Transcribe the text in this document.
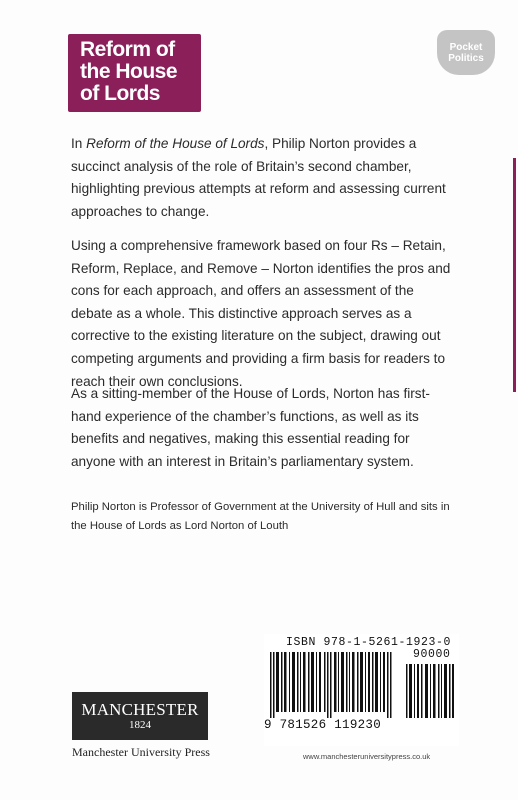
Reform of
the House
of Lords
Pocket
Politics

In Reform of the House of Lords, Philip Norton provides a succinct analysis of the role of Britain’s second chamber, highlighting previous attempts at reform and assessing current approaches to change.

Using a comprehensive framework based on four Rs – Retain, Reform, Replace, and Remove – Norton identifies the pros and cons for each approach, and offers an assessment of the debate as a whole. This distinctive approach serves as a corrective to the existing literature on the subject, drawing out competing arguments and providing a firm basis for readers to reach their own conclusions.

As a sitting-member of the House of Lords, Norton has first-hand experience of the chamber’s functions, as well as its benefits and negatives, making this essential reading for anyone with an interest in Britain’s parliamentary system.

Philip Norton is Professor of Government at the University of Hull and sits in the House of Lords as Lord Norton of Louth

ISBN 978-1-5261-1923-0
90000
9 781526 119230
MANCHESTER
1824
Manchester University Press	www.manchesteruniversitypress.co.uk
